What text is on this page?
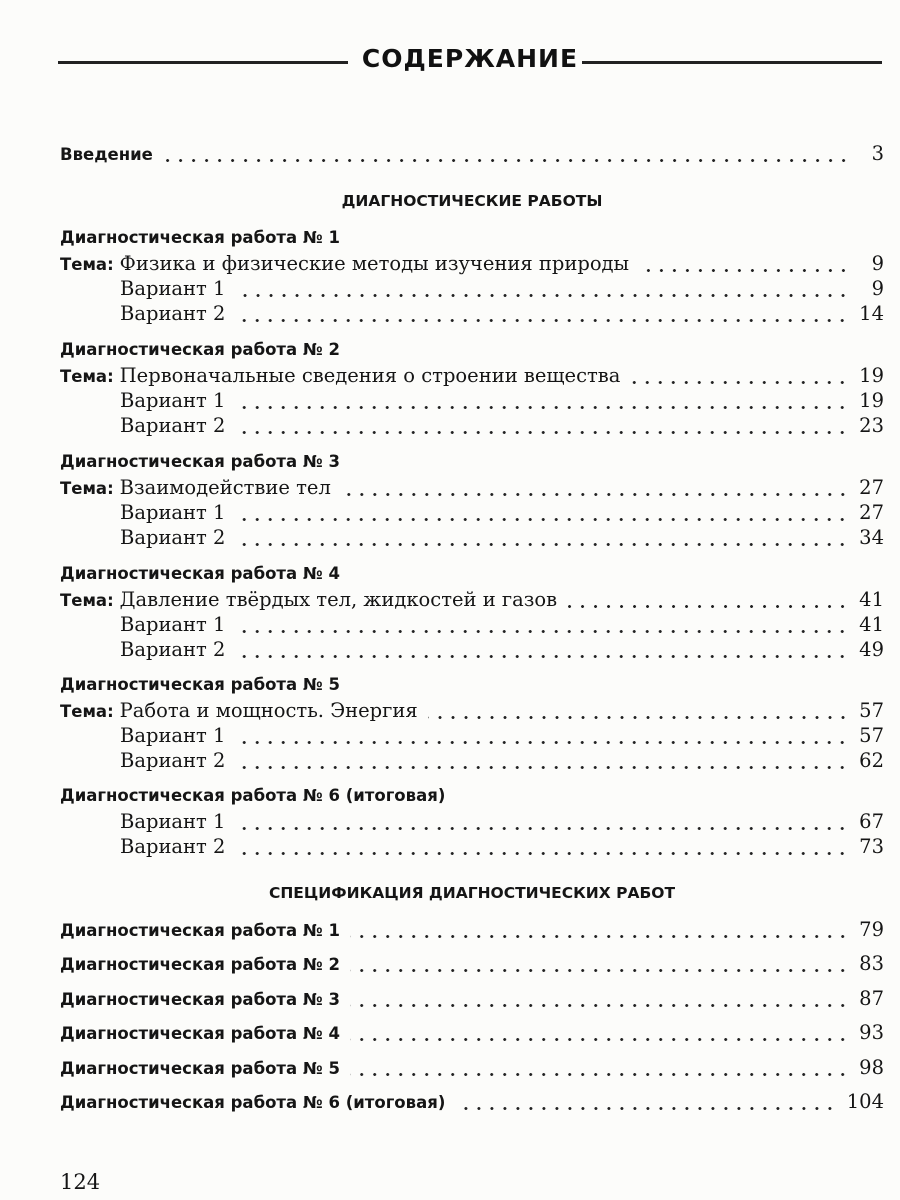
СОДЕРЖАНИЕ
Введение	3
ДИАГНОСТИЧЕСКИЕ РАБОТЫ
Диагностическая работа № 1
Тема: Физика и физические методы изучения природы	9
Вариант 1	9
Вариант 2	14
Диагностическая работа № 2
Тема: Первоначальные сведения о строении вещества	19
Вариант 1	19
Вариант 2	23
Диагностическая работа № 3
Тема: Взаимодействие тел	27
Вариант 1	27
Вариант 2	34
Диагностическая работа № 4
Тема: Давление твёрдых тел, жидкостей и газов	41
Вариант 1	41
Вариант 2	49
Диагностическая работа № 5
Тема: Работа и мощность. Энергия	57
Вариант 1	57
Вариант 2	62
Диагностическая работа № 6 (итоговая)
Вариант 1	67
Вариант 2	73
СПЕЦИФИКАЦИЯ ДИАГНОСТИЧЕСКИХ РАБОТ
Диагностическая работа № 1	79
Диагностическая работа № 2	83
Диагностическая работа № 3	87
Диагностическая работа № 4	93
Диагностическая работа № 5	98
Диагностическая работа № 6 (итоговая)	104
124
